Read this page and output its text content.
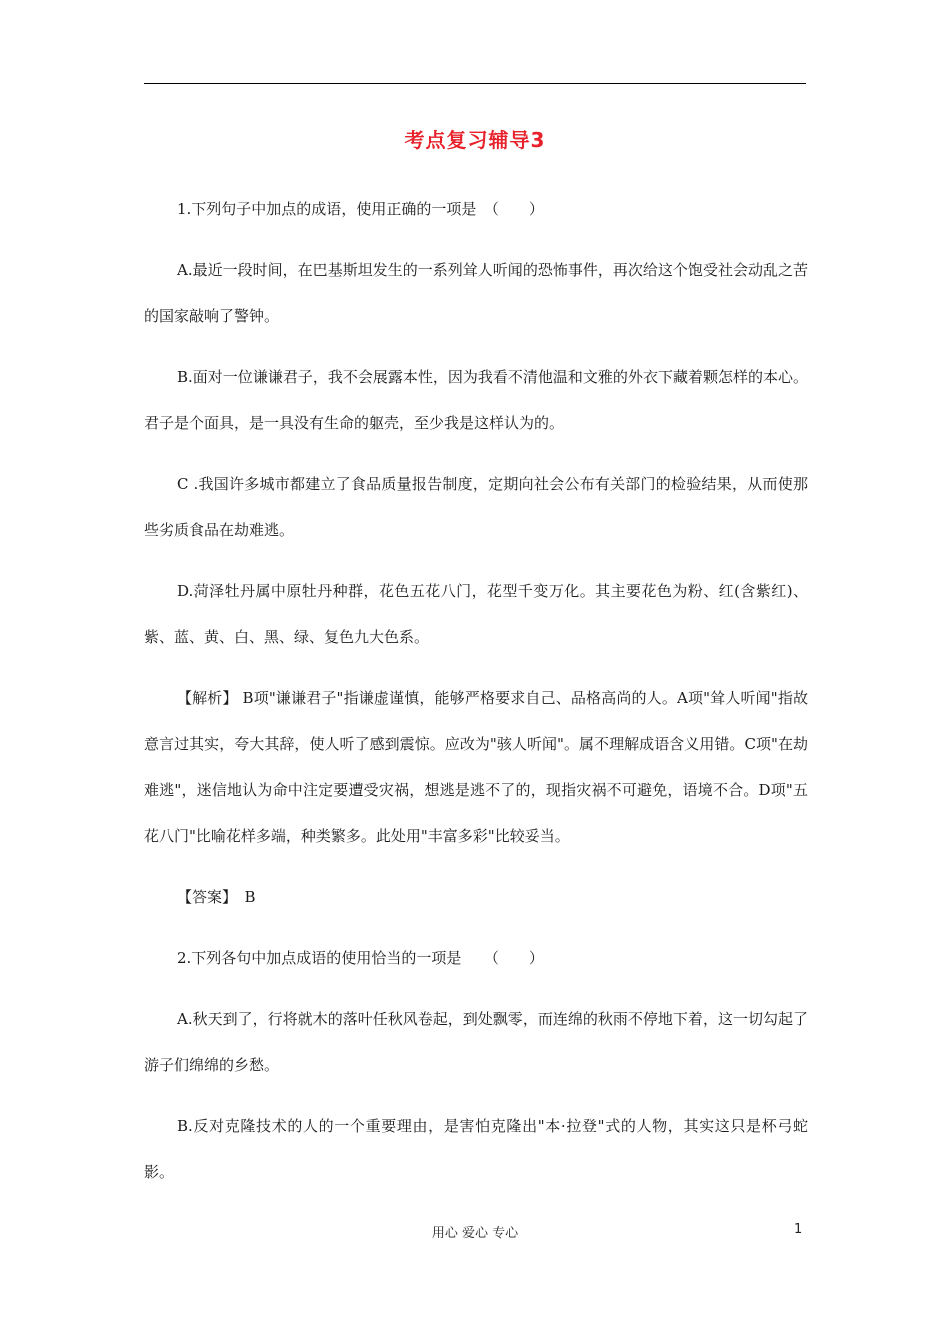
考点复习辅导3

1.下列句子中加点的成语，使用正确的一项是　（　　）

A.最近一段时间，在巴基斯坦发生的一系列耸人听闻的恐怖事件，再次给这个饱受社会动乱之苦的国家敲响了警钟。

B.面对一位谦谦君子，我不会展露本性，因为我看不清他温和文雅的外衣下藏着颗怎样的本心。君子是个面具，是一具没有生命的躯壳，至少我是这样认为的。

C .我国许多城市都建立了食品质量报告制度，定期向社会公布有关部门的检验结果，从而使那些劣质食品在劫难逃。

D.菏泽牡丹属中原牡丹种群，花色五花八门，花型千变万化。其主要花色为粉、红(含紫红)、紫、蓝、黄、白、黑、绿、复色九大色系。

【解析】 B项"谦谦君子"指谦虚谨慎，能够严格要求自己、品格高尚的人。A项"耸人听闻"指故意言过其实，夸大其辞，使人听了感到震惊。应改为"骇人听闻"。属不理解成语含义用错。C项"在劫难逃"，迷信地认为命中注定要遭受灾祸，想逃是逃不了的，现指灾祸不可避免，语境不合。D项"五花八门"比喻花样多端，种类繁多。此处用"丰富多彩"比较妥当。

【答案】　B

2.下列各句中加点成语的使用恰当的一项是　　（　　）

A.秋天到了，行将就木的落叶任秋风卷起，到处飘零，而连绵的秋雨不停地下着，这一切勾起了游子们绵绵的乡愁。

B.反对克隆技术的人的一个重要理由，是害怕克隆出"本·拉登"式的人物，其实这只是杯弓蛇影。

用心 爱心 专心	1
